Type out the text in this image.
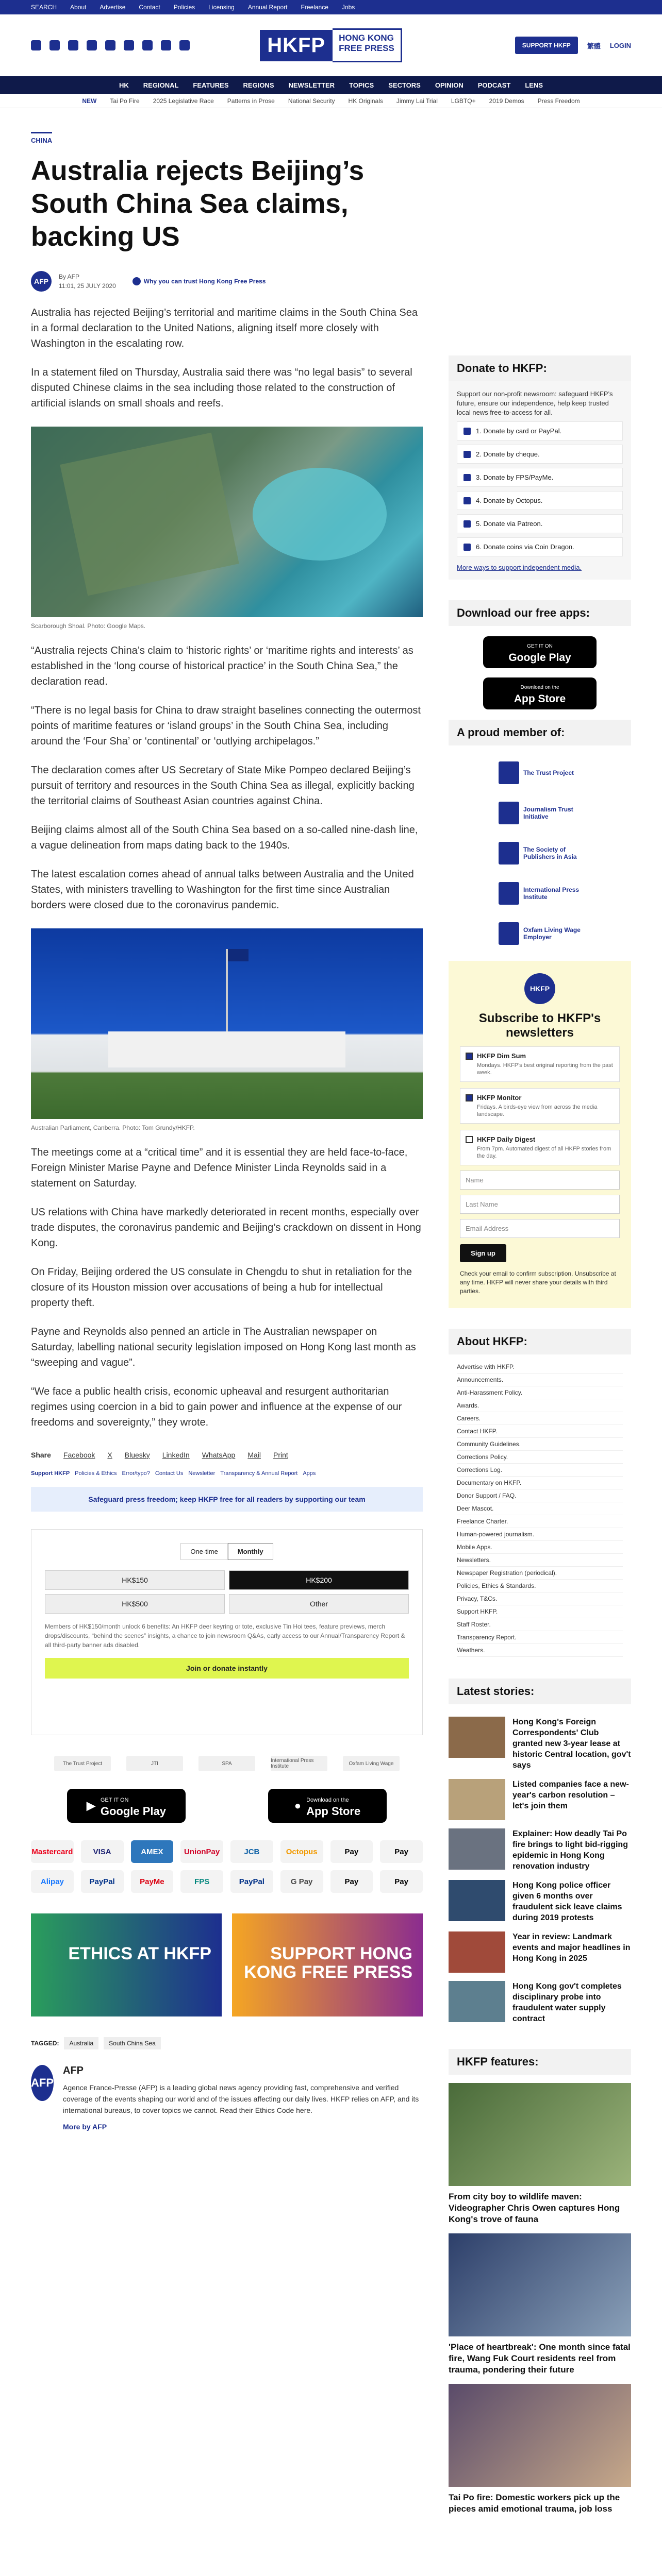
SEARCH About Advertise Contact Policies Licensing Annual Report Freelance Jobs
HKFP	HONG KONG
FREE PRESS	SUPPORT HKFP	繁體 LOGIN
HK REGIONAL FEATURES REGIONS NEWSLETTER TOPICS SECTORS OPINION PODCAST LENS
NEW Tai Po Fire 2025 Legislative Race Patterns in Prose National Security HK Originals Jimmy Lai Trial LGBTQ+ 2019 Demos Press Freedom
CHINA
Australia rejects Beijing’s South China Sea claims, backing US
AFP
By AFP
11:01, 25 JULY 2020
Why you can trust Hong Kong Free Press

Australia has rejected Beijing’s territorial and maritime claims in the South China Sea in a formal declaration to the United Nations, aligning itself more closely with Washington in the escalating row.

In a statement filed on Thursday, Australia said there was “no legal basis” to several disputed Chinese claims in the sea including those related to the construction of artificial islands on small shoals and reefs.

Scarborough Shoal. Photo: Google Maps.

“Australia rejects China’s claim to ‘historic rights’ or ‘maritime rights and interests’ as established in the ‘long course of historical practice’ in the South China Sea,” the declaration read.

“There is no legal basis for China to draw straight baselines connecting the outermost points of maritime features or ‘island groups’ in the South China Sea, including around the ‘Four Sha’ or ‘continental’ or ‘outlying archipelagos.”

The declaration comes after US Secretary of State Mike Pompeo declared Beijing’s pursuit of territory and resources in the South China Sea as illegal, explicitly backing the territorial claims of Southeast Asian countries against China.

Beijing claims almost all of the South China Sea based on a so-called nine-dash line, a vague delineation from maps dating back to the 1940s.

The latest escalation comes ahead of annual talks between Australia and the United States, with ministers travelling to Washington for the first time since Australian borders were closed due to the coronavirus pandemic.

Australian Parliament, Canberra. Photo: Tom Grundy/HKFP.

The meetings come at a “critical time” and it is essential they are held face-to-face, Foreign Minister Marise Payne and Defence Minister Linda Reynolds said in a statement on Saturday.

US relations with China have markedly deteriorated in recent months, especially over trade disputes, the coronavirus pandemic and Beijing’s crackdown on dissent in Hong Kong.

On Friday, Beijing ordered the US consulate in Chengdu to shut in retaliation for the closure of its Houston mission over accusations of being a hub for intellectual property theft.

Payne and Reynolds also penned an article in The Australian newspaper on Saturday, labelling national security legislation imposed on Hong Kong last month as “sweeping and vague”.

“We face a public health crisis, economic upheaval and resurgent authoritarian regimes using coercion in a bid to gain power and influence at the expense of our freedoms and sovereignty,” they wrote.

Share Facebook X Bluesky LinkedIn WhatsApp Mail Print
Support HKFP Policies & Ethics Error/typo? Contact Us Newsletter Transparency & Annual Report Apps
Safeguard press freedom; keep HKFP free for all readers by supporting our team
One-time	Monthly
HK$150	HK$200
HK$500	Other
Members of HK$150/month unlock 6 benefits: An HKFP deer keyring or tote, exclusive Tin Hoi tees, feature previews, merch drops/discounts, “behind the scenes” insights, a chance to join newsroom Q&As, early access to our Annual/Transparency Report & all third-party banner ads disabled.
Join or donate instantly
The Trust Project	JTI	SPA	International Press Institute	Oxfam Living Wage
▶ GET IT ON
Google Play	● Download on the
App Store
Mastercard	VISA	AMEX	UnionPay	JCB	Octopus	Pay	Pay
Alipay	PayPal	PayMe	FPS	PayPal	G Pay	Pay	Pay
ETHICS AT HKFP	SUPPORT HONG KONG FREE PRESS
TAGGED:	Australia	South China Sea
AFP
AFP

Agence France-Presse (AFP) is a leading global news agency providing fast, comprehensive and verified coverage of the events shaping our world and of the issues affecting our daily lives. HKFP relies on AFP, and its international bureaus, to cover topics we cannot. Read their Ethics Code here.

More by AFP

Donate to HKFP:
Support our non-profit newsroom: safeguard HKFP’s future, ensure our independence, help keep trusted local news free-to-access for all.
1. Donate by card or PayPal.
2. Donate by cheque.
3. Donate by FPS/PayMe.
4. Donate by Octopus.
5. Donate via Patreon.
6. Donate coins via Coin Dragon.
More ways to support independent media.
Download our free apps:
GET IT ON
Google Play
Download on the
App Store
A proud member of:
The Trust Project
Journalism Trust Initiative
The Society of Publishers in Asia
International Press Institute
Oxfam Living Wage Employer
HKFP
Subscribe to HKFP's newsletters
HKFP Dim Sum
Mondays. HKFP's best original reporting from the past week.
HKFP Monitor
Fridays. A birds-eye view from across the media landscape.
HKFP Daily Digest
From 7pm. Automated digest of all HKFP stories from the day.
Name
Last Name
Email Address
Sign up
Check your email to confirm subscription. Unsubscribe at any time. HKFP will never share your details with third parties.
About HKFP:
Advertise with HKFP.
Announcements.
Anti-Harassment Policy.
Awards.
Careers.
Contact HKFP.
Community Guidelines.
Corrections Policy.
Corrections Log.
Documentary on HKFP.
Donor Support / FAQ.
Deer Mascot.
Freelance Charter.
Human-powered journalism.
Mobile Apps.
Newsletters.
Newspaper Registration (periodical).
Policies, Ethics & Standards.
Privacy, T&Cs.
Support HKFP.
Staff Roster.
Transparency Report.
Weathers.
Latest stories:
Hong Kong's Foreign Correspondents' Club granted new 3-year lease at historic Central location, gov't says
Listed companies face a new-year's carbon resolution – let's join them
Explainer: How deadly Tai Po fire brings to light bid-rigging epidemic in Hong Kong renovation industry
Hong Kong police officer given 6 months over fraudulent sick leave claims during 2019 protests
Year in review: Landmark events and major headlines in Hong Kong in 2025
Hong Kong gov't completes disciplinary probe into fraudulent water supply contract
HKFP features:
From city boy to wildlife maven: Videographer Chris Owen captures Hong Kong's trove of fauna
'Place of heartbreak': One month since fatal fire, Wang Fuk Court residents reel from trauma, pondering their future
Tai Po fire: Domestic workers pick up the pieces amid emotional trauma, job loss
